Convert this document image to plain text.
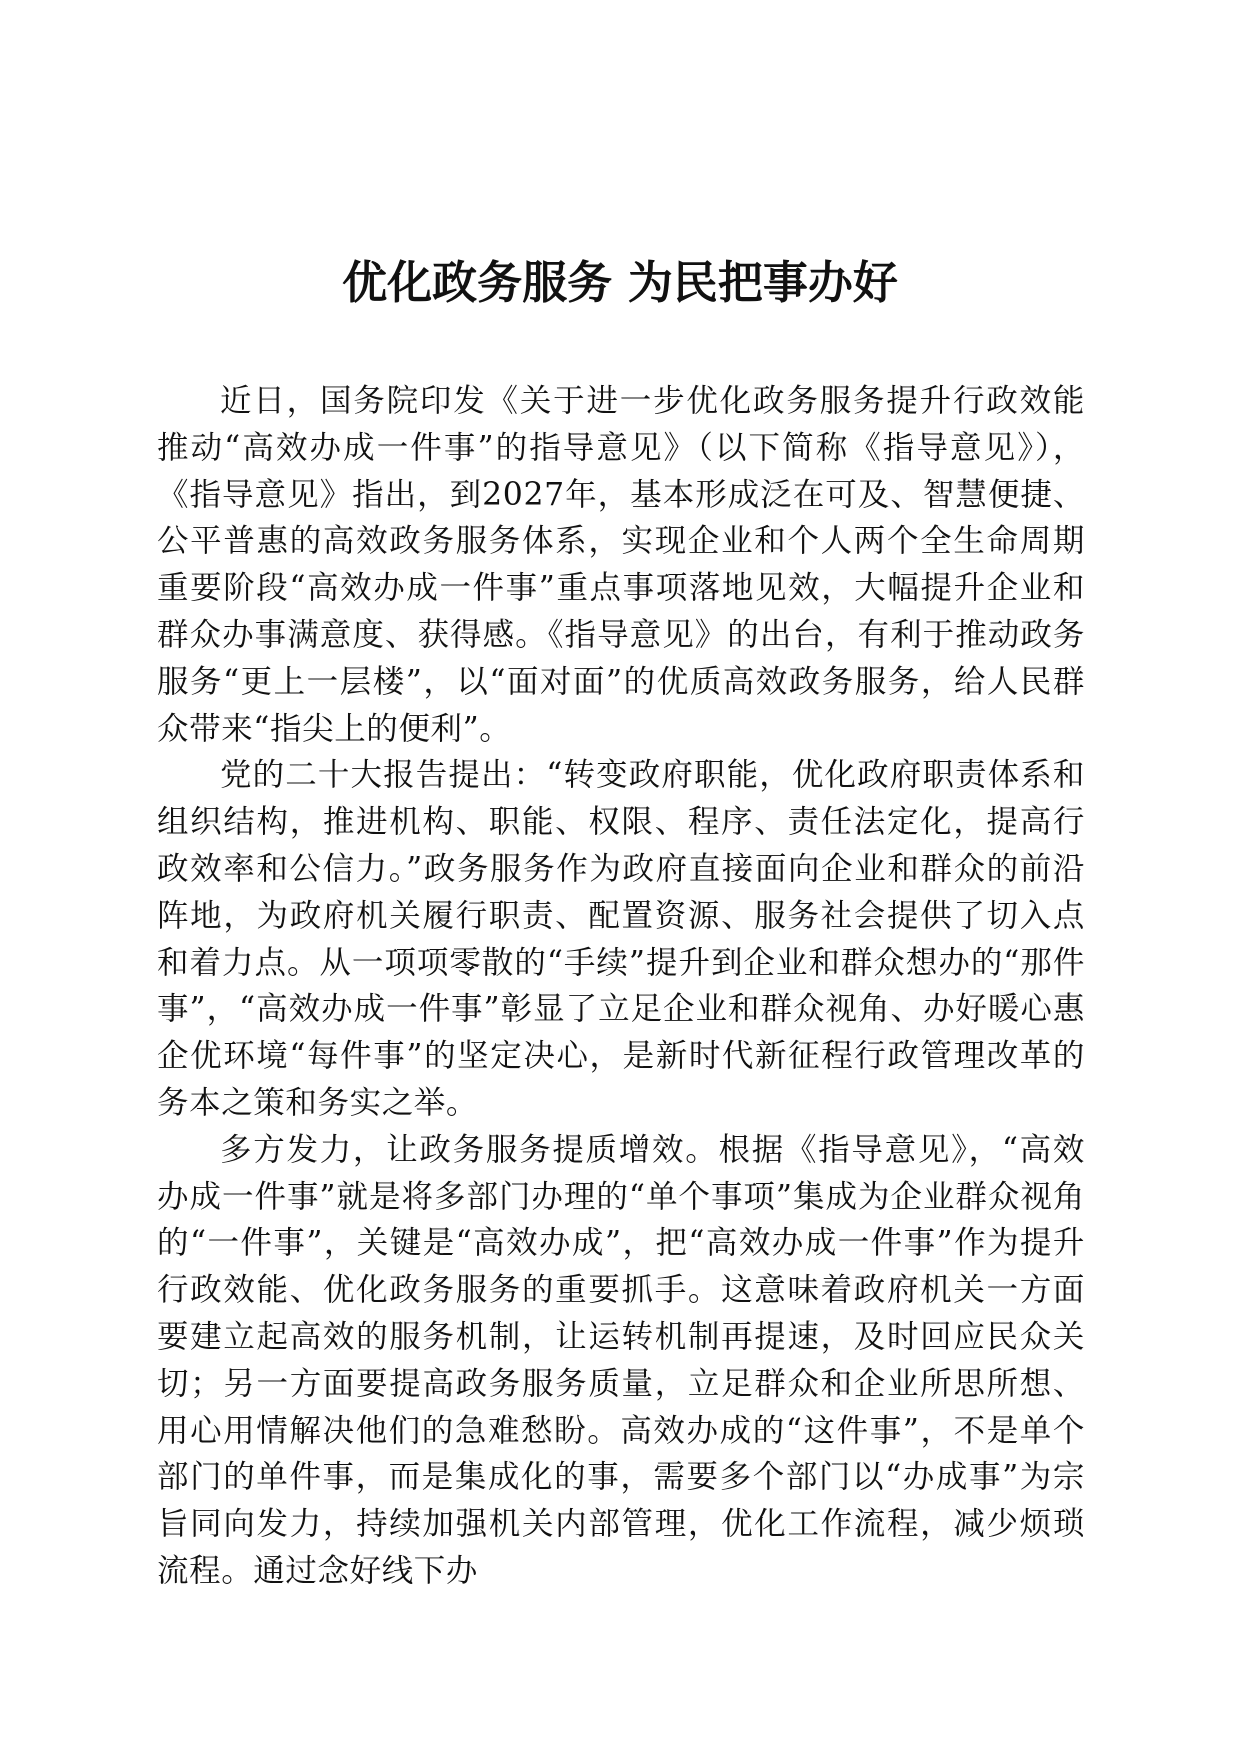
优化政务服务 为民把事办好

近日，国务院印发《关于进一步优化政务服务提升行政效能推动“高效办成一件事”的指导意见》（以下简称《指导意见》），《指导意见》指出，到2027年，基本形成泛在可及、智慧便捷、公平普惠的高效政务服务体系，实现企业和个人两个全生命周期重要阶段“高效办成一件事”重点事项落地见效，大幅提升企业和群众办事满意度、获得感。《指导意见》的出台，有利于推动政务服务“更上一层楼”，以“面对面”的优质高效政务服务，给人民群众带来“指尖上的便利”。

党的二十大报告提出：“转变政府职能，优化政府职责体系和组织结构，推进机构、职能、权限、程序、责任法定化，提高行政效率和公信力。”政务服务作为政府直接面向企业和群众的前沿阵地，为政府机关履行职责、配置资源、服务社会提供了切入点和着力点。从一项项零散的“手续”提升到企业和群众想办的“那件事”，“高效办成一件事”彰显了立足企业和群众视角、办好暖心惠企优环境“每件事”的坚定决心，是新时代新征程行政管理改革的务本之策和务实之举。

多方发力，让政务服务提质增效。根据《指导意见》，“高效办成一件事”就是将多部门办理的“单个事项”集成为企业群众视角的“一件事”，关键是“高效办成”，把“高效办成一件事”作为提升行政效能、优化政务服务的重要抓手。这意味着政府机关一方面要建立起高效的服务机制，让运转机制再提速，及时回应民众关切；另一方面要提高政务服务质量，立足群众和企业所思所想、用心用情解决他们的急难愁盼。高效办成的“这件事”，不是单个部门的单件事，而是集成化的事，需要多个部门以“办成事”为宗旨同向发力，持续加强机关内部管理，优化工作流程，减少烦琐流程。通过念好线下办
